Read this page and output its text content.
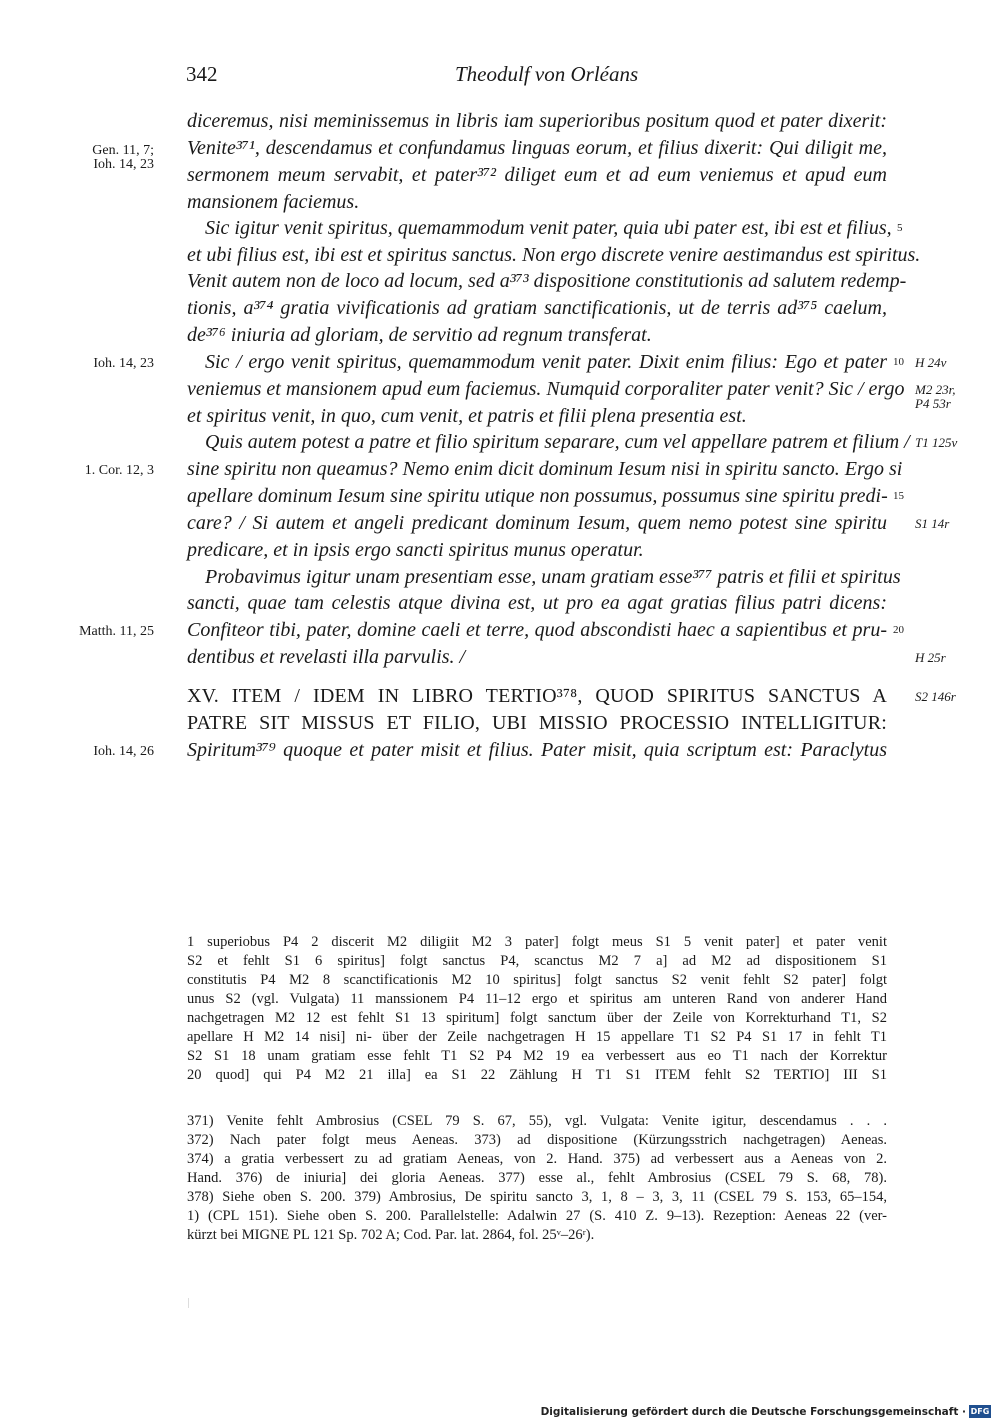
342	Theodulf von Orléans
diceremus, nisi meminissemus in libris iam superioribus positum quod et pater dixerit:
Venite³⁷¹, descendamus et confundamus linguas eorum, et filius dixerit: Qui diligit me,
sermonem meum servabit, et pater³⁷² diliget eum et ad eum veniemus et apud eum
mansionem faciemus.
Sic igitur venit spiritus, quemammodum venit pater, quia ubi pater est, ibi est et filius,
et ubi filius est, ibi est et spiritus sanctus. Non ergo discrete venire aestimandus est spiritus.
Venit autem non de loco ad locum, sed a³⁷³ dispositione constitutionis ad salutem redemp-
tionis, a³⁷⁴ gratia vivificationis ad gratiam sanctificationis, ut de terris ad³⁷⁵ caelum,
de³⁷⁶ iniuria ad gloriam, de servitio ad regnum transferat.
Sic / ergo venit spiritus, quemammodum venit pater. Dixit enim filius: Ego et pater
veniemus et mansionem apud eum faciemus. Numquid corporaliter pater venit? Sic / ergo
et spiritus venit, in quo, cum venit, et patris et filii plena presentia est.
Quis autem potest a patre et filio spiritum separare, cum vel appellare patrem et filium /
sine spiritu non queamus? Nemo enim dicit dominum Iesum nisi in spiritu sancto. Ergo si
apellare dominum Iesum sine spiritu utique non possumus, possumus sine spiritu predi-
care? / Si autem et angeli predicant dominum Iesum, quem nemo potest sine spiritu
predicare, et in ipsis ergo sancti spiritus munus operatur.
Probavimus igitur unam presentiam esse, unam gratiam esse³⁷⁷ patris et filii et spiritus
sancti, quae tam celestis atque divina est, ut pro ea agat gratias filius patri dicens:
Confiteor tibi, pater, domine caeli et terre, quod abscondisti haec a sapientibus et pru-
dentibus et revelasti illa parvulis. /
XV. ITEM / IDEM IN LIBRO TERTIO³⁷⁸, QUOD SPIRITUS SANCTUS A
PATRE SIT MISSUS ET FILIO, UBI MISSIO PROCESSIO INTELLIGITUR:
Spiritum³⁷⁹ quoque et pater misit et filius. Pater misit, quia scriptum est: Paraclytus
Gen. 11, 7;
Ioh. 14, 23
Ioh. 14, 23
1. Cor. 12, 3
Matth. 11, 25
Ioh. 14, 26
5
10
15
20
H 24v
M2 23r,
P4 53r
T1 125v
S1 14r
H 25r
S2 146r
1 superiobus P4 2 discerit M2 diligiit M2 3 pater] folgt meus S1 5 venit pater] et pater venit
S2 et fehlt S1 6 spiritus] folgt sanctus P4, scanctus M2 7 a] ad M2 ad dispositionem S1
constitutis P4 M2 8 scanctificationis M2 10 spiritus] folgt sanctus S2 venit fehlt S2 pater] folgt
unus S2 (vgl. Vulgata) 11 manssionem P4 11–12 ergo et spiritus am unteren Rand von anderer Hand
nachgetragen M2 12 est fehlt S1 13 spiritum] folgt sanctum über der Zeile von Korrekturhand T1, S2
apellare H M2 14 nisi] ni- über der Zeile nachgetragen H 15 appellare T1 S2 P4 S1 17 in fehlt T1
S2 S1 18 unam gratiam esse fehlt T1 S2 P4 M2 19 ea verbessert aus eo T1 nach der Korrektur
20 quod] qui P4 M2 21 illa] ea S1 22 Zählung H T1 S1 ITEM fehlt S2 TERTIO] III S1
371) Venite fehlt Ambrosius (CSEL 79 S. 67, 55), vgl. Vulgata: Venite igitur, descendamus . . .
372) Nach pater folgt meus Aeneas. 373) ad dispositione (Kürzungsstrich nachgetragen) Aeneas.
374) a gratia verbessert zu ad gratiam Aeneas, von 2. Hand. 375) ad verbessert aus a Aeneas von 2.
Hand. 376) de iniuria] dei gloria Aeneas. 377) esse al., fehlt Ambrosius (CSEL 79 S. 68, 78).
378) Siehe oben S. 200. 379) Ambrosius, De spiritu sancto 3, 1, 8 – 3, 3, 11 (CSEL 79 S. 153, 65–154,
1) (CPL 151). Siehe oben S. 200. Parallelstelle: Adalwin 27 (S. 410 Z. 9–13). Rezeption: Aeneas 22 (ver-
kürzt bei MIGNE PL 121 Sp. 702 A; Cod. Par. lat. 2864, fol. 25ᵛ–26ʳ).
Digitalisierung gefördert durch die Deutsche Forschungsgemeinschaft · DFG
